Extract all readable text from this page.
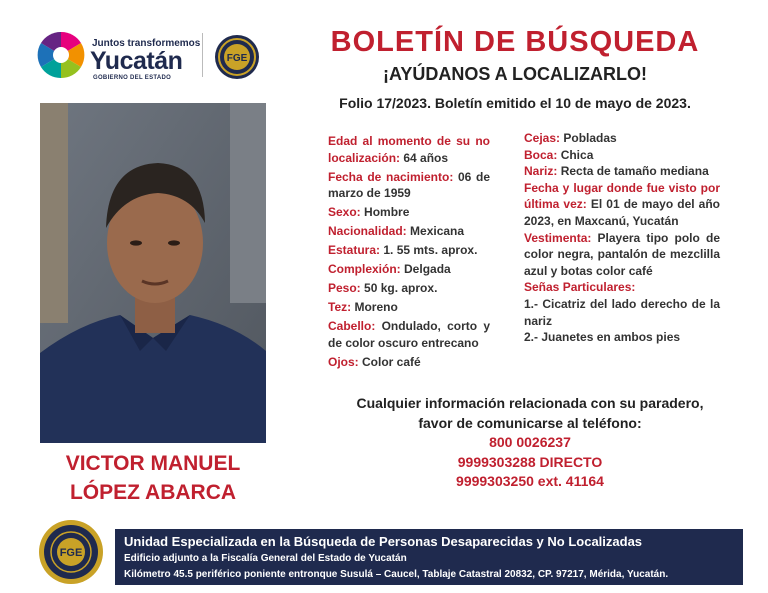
Juntos transformemos
Yucatán
GOBIERNO DEL ESTADO
FGE
BOLETÍN DE BÚSQUEDA
¡AYÚDANOS A LOCALIZARLO!
Folio 17/2023. Boletín emitido el 10 de mayo de 2023.
VICTOR MANUEL
LÓPEZ ABARCA
Edad al momento de su no localización: 64 años
Fecha de nacimiento: 06 de marzo de 1959
Sexo: Hombre
Nacionalidad: Mexicana
Estatura: 1. 55 mts. aprox.
Complexión: Delgada
Peso: 50 kg. aprox.
Tez: Moreno
Cabello: Ondulado, corto y de color oscuro entrecano
Ojos: Color café
Cejas: Pobladas
Boca: Chica
Nariz: Recta de tamaño mediana
Fecha y lugar donde fue visto por última vez: El 01 de mayo del año 2023, en Maxcanú, Yucatán
Vestimenta: Playera tipo polo de color negra, pantalón de mezclilla azul y botas color café
Señas Particulares:
1.- Cicatriz del lado derecho de la nariz
2.- Juanetes en ambos pies
Cualquier información relacionada con su paradero,
favor de comunicarse al teléfono:
800 0026237
9999303288 DIRECTO
9999303250 ext. 41164
FGE
Unidad Especializada en la Búsqueda de Personas Desaparecidas y No Localizadas
Edificio adjunto a la Fiscalía General del Estado de Yucatán
Kilómetro 45.5 periférico poniente entronque Susulá – Caucel, Tablaje Catastral 20832, CP. 97217, Mérida, Yucatán.
